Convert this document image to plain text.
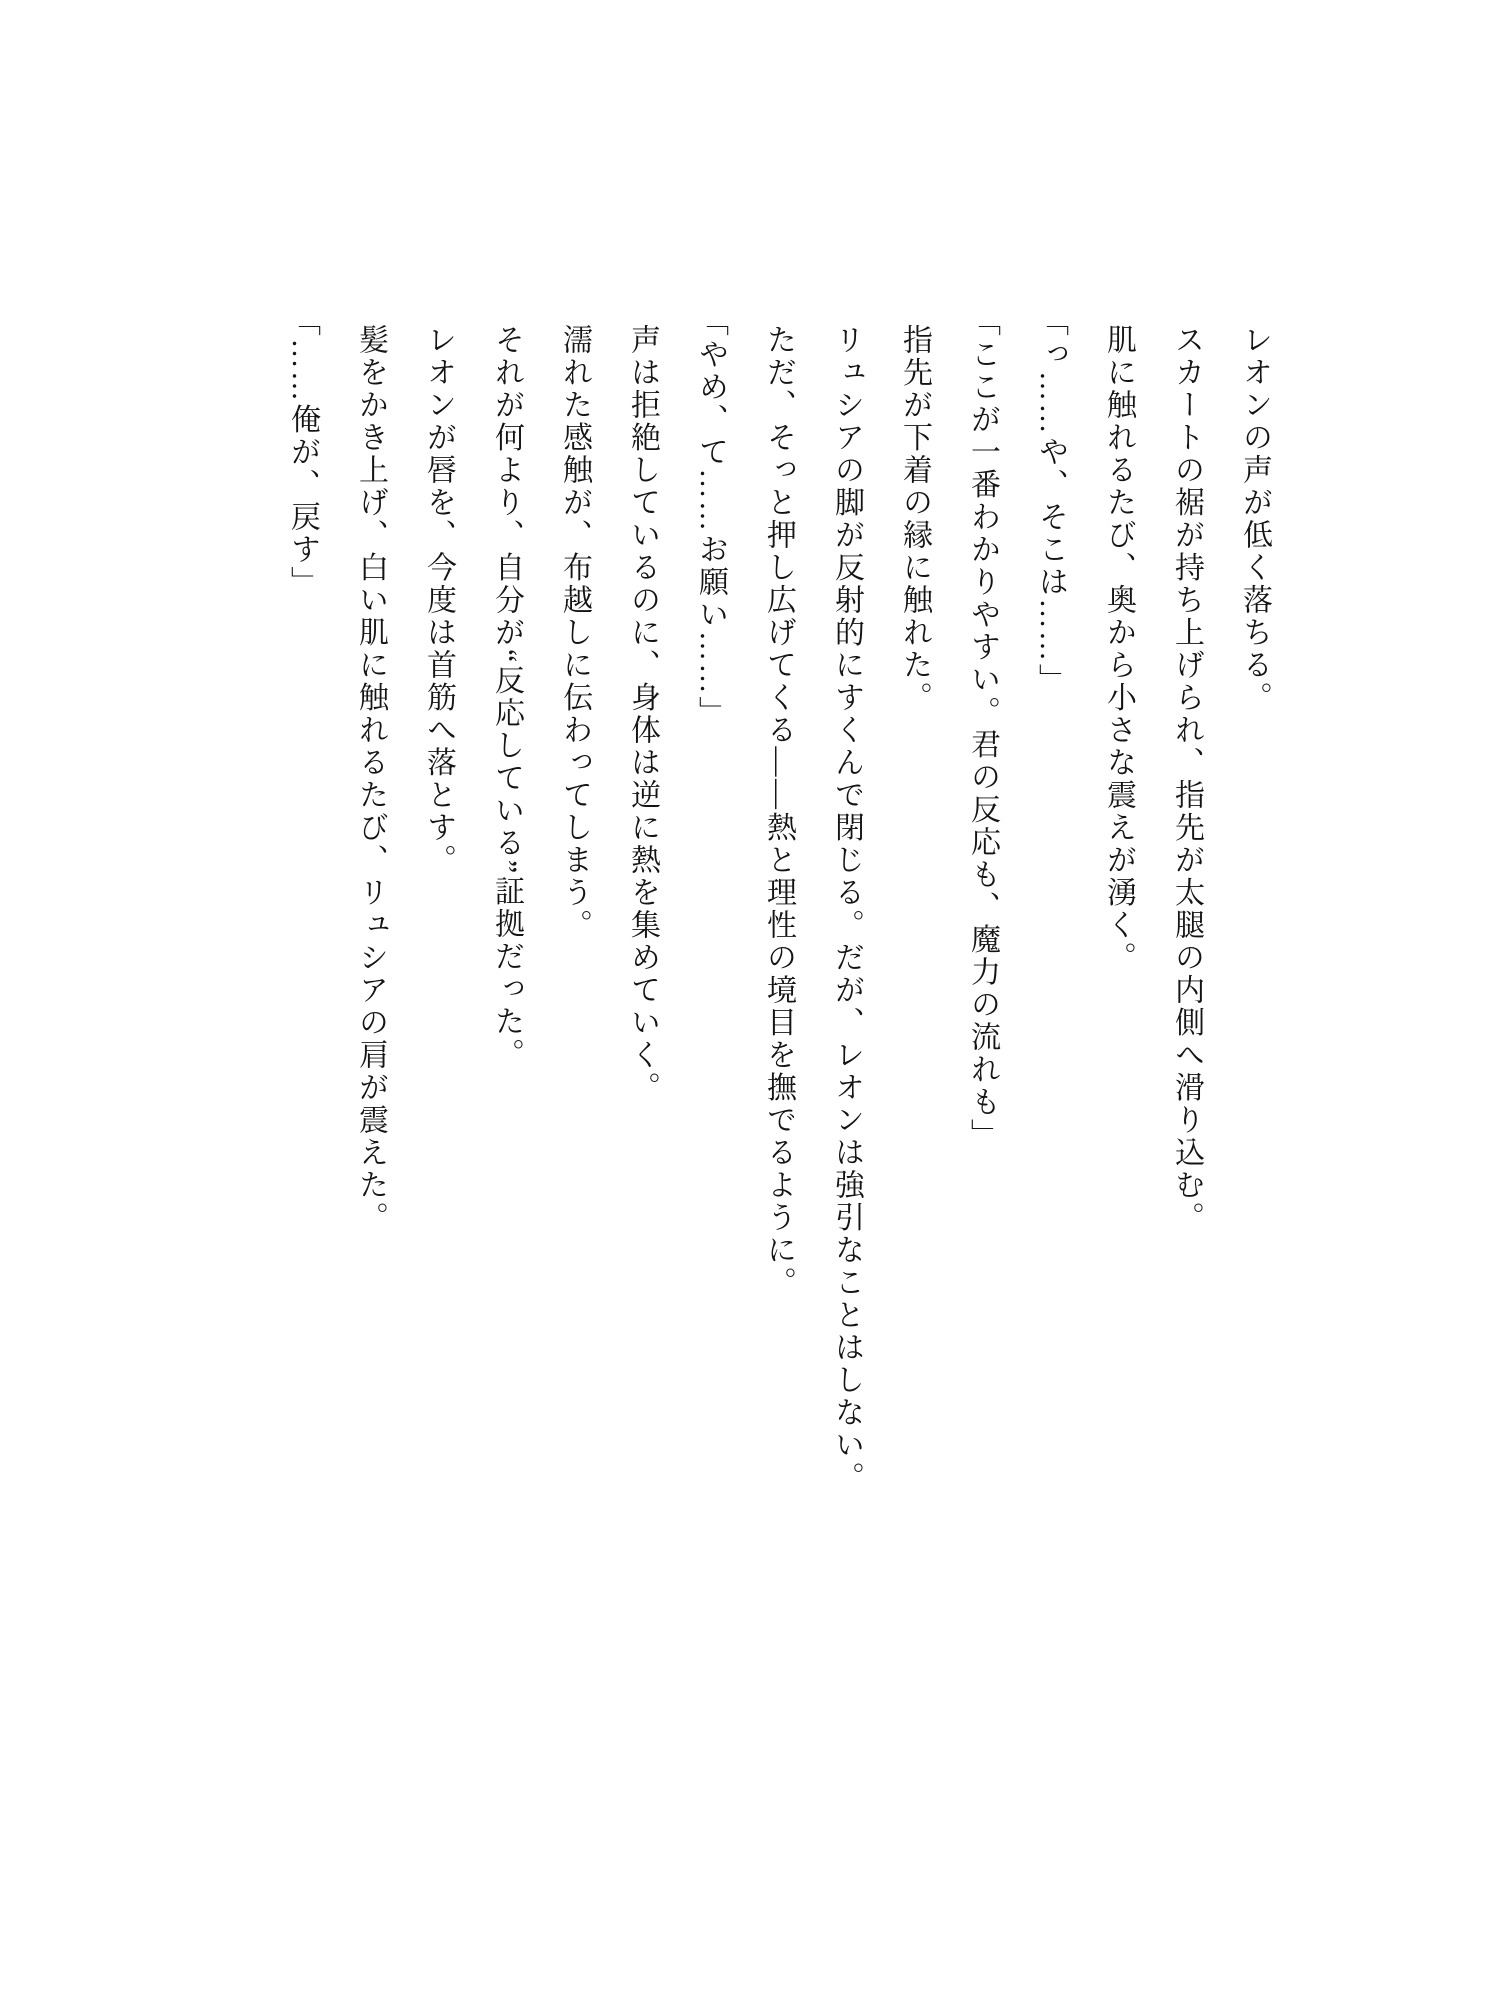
レオンの声が低く落ちる。

スカートの裾が持ち上げられ、指先が太腿の内側へ滑り込む。

肌に触れるたび、奥から小さな震えが湧く。

「っ……や、そこは……」

「ここが一番わかりやすい。君の反応も、魔力の流れも」

指先が下着の縁に触れた。

リュシアの脚が反射的にすくんで閉じる。だが、レオンは強引なことはしない。

ただ、そっと押し広げてくる——熱と理性の境目を撫でるように。

「やめ、て……お願い……」

声は拒絶しているのに、身体は逆に熱を集めていく。

濡れた感触が、布越しに伝わってしまう。

それが何より、自分が“反応している”証拠だった。

レオンが唇を、今度は首筋へ落とす。

髪をかき上げ、白い肌に触れるたび、リュシアの肩が震えた。

「……俺が、戻す」
